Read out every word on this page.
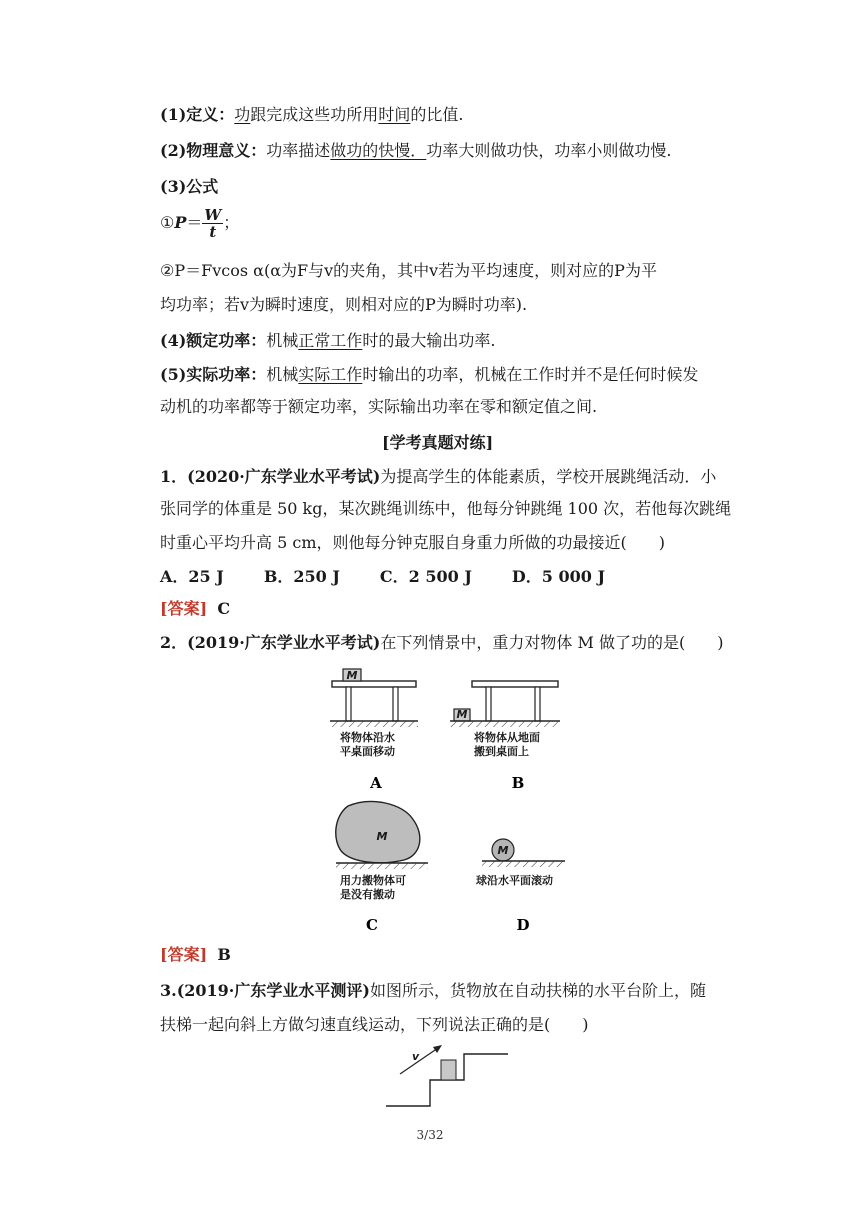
(1)定义：功跟完成这些功所用时间的比值.
(2)物理意义：功率描述做功的快慢．功率大则做功快，功率小则做功慢.
(3)公式
①P＝ $\frac{W}{t}$ ；
②P＝Fvcos α(α为F与v的夹角，其中v若为平均速度，则对应的P为平
均功率；若v为瞬时速度，则相对应的P为瞬时功率).
(4)额定功率：机械正常工作时的最大输出功率.
(5)实际功率：机械实际工作时输出的功率，机械在工作时并不是任何时候发
动机的功率都等于额定功率，实际输出功率在零和额定值之间.
[学考真题对练]
1．(2020·广东学业水平考试)为提高学生的体能素质，学校开展跳绳活动．小
张同学的体重是 50 kg，某次跳绳训练中，他每分钟跳绳 100 次，若他每次跳绳
时重心平均升高 5 cm，则他每分钟克服自身重力所做的功最接近(　　)
A．25 J	B．250 J	C．2 500 J	D．5 000 J
[答案] C
2．(2019·广东学业水平考试)在下列情景中，重力对物体 M 做了功的是(　　)
M
将物体沿水
平桌面移动
M
将物体从地面
搬到桌面上
A	B
M
用力搬物体可
是没有搬动
M
球沿水平面滚动
C	D
[答案] B
3.(2019·广东学业水平测评)如图所示，货物放在自动扶梯的水平台阶上，随
扶梯一起向斜上方做匀速直线运动，下列说法正确的是(　　)
v
3/32
